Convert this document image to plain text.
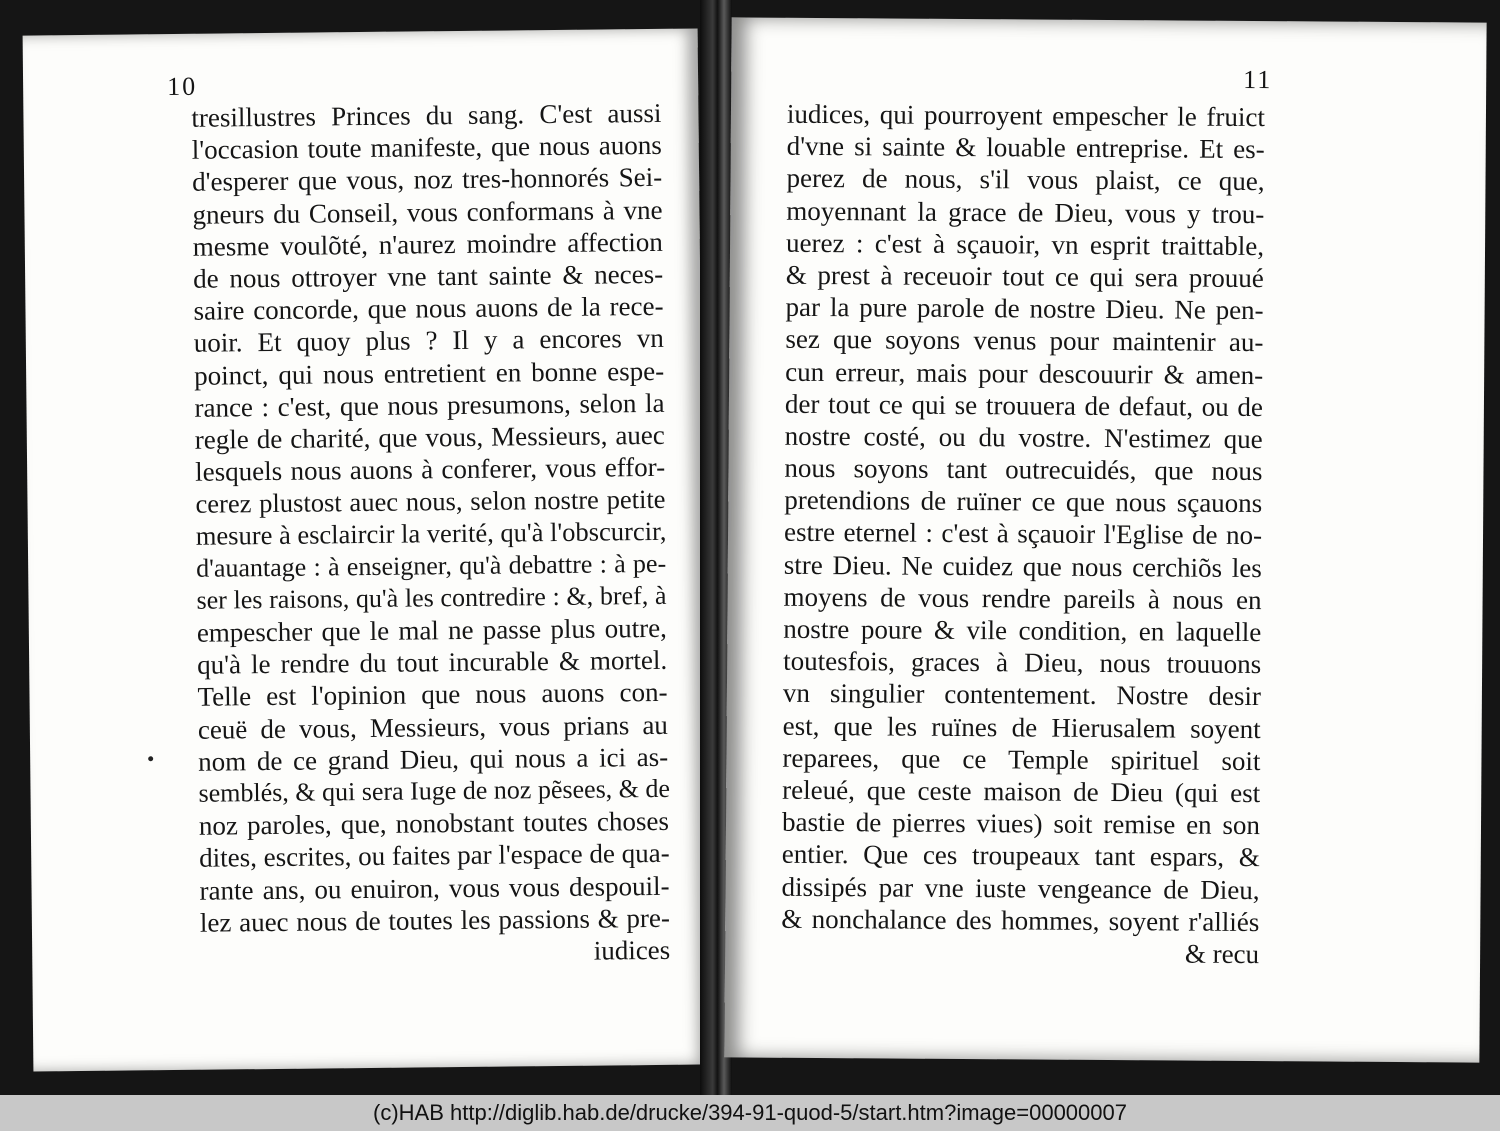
10
tresillustres Princes du sang. C'est aussi
l'occasion toute manifeste, que nous auons
d'esperer que vous, noz tres-honnorés Sei-
gneurs du Conseil, vous conformans à vne
mesme voulõté, n'aurez moindre affection
de nous ottroyer vne tant sainte & neces-
saire concorde, que nous auons de la rece-
uoir. Et quoy plus ? Il y a encores vn
poinct, qui nous entretient en bonne espe-
rance : c'est, que nous presumons, selon la
regle de charité, que vous, Messieurs, auec
lesquels nous auons à conferer, vous effor-
cerez plustost auec nous, selon nostre petite
mesure à esclaircir la verité, qu'à l'obscurcir,
d'auantage : à enseigner, qu'à debattre : à pe-
ser les raisons, qu'à les contredire : &, bref, à
empescher que le mal ne passe plus outre,
qu'à le rendre du tout incurable & mortel.
Telle est l'opinion que nous auons con-
ceuë de vous, Messieurs, vous prians au
nom de ce grand Dieu, qui nous a ici as-
semblés, & qui sera Iuge de noz pẽsees, & de
noz paroles, que, nonobstant toutes choses
dites, escrites, ou faites par l'espace de qua-
rante ans, ou enuiron, vous vous despouil-
lez auec nous de toutes les passions & pre-
iudices
11
iudices, qui pourroyent empescher le fruict
d'vne si sainte & louable entreprise. Et es-
perez de nous, s'il vous plaist, ce que,
moyennant la grace de Dieu, vous y trou-
uerez : c'est à sçauoir, vn esprit traittable,
& prest à receuoir tout ce qui sera prouué
par la pure parole de nostre Dieu. Ne pen-
sez que soyons venus pour maintenir au-
cun erreur, mais pour descouurir & amen-
der tout ce qui se trouuera de defaut, ou de
nostre costé, ou du vostre. N'estimez que
nous soyons tant outrecuidés, que nous
pretendions de ruïner ce que nous sçauons
estre eternel : c'est à sçauoir l'Eglise de no-
stre Dieu. Ne cuidez que nous cerchiõs les
moyens de vous rendre pareils à nous en
nostre poure & vile condition, en laquelle
toutesfois, graces à Dieu, nous trouuons
vn singulier contentement. Nostre desir
est, que les ruïnes de Hierusalem soyent
reparees, que ce Temple spirituel soit
releué, que ceste maison de Dieu (qui est
bastie de pierres viues) soit remise en son
entier. Que ces troupeaux tant espars, &
dissipés par vne iuste vengeance de Dieu,
& nonchalance des hommes, soyent r'alliés
& recu
(c)HAB http://diglib.hab.de/drucke/394-91-quod-5/start.htm?image=00000007
